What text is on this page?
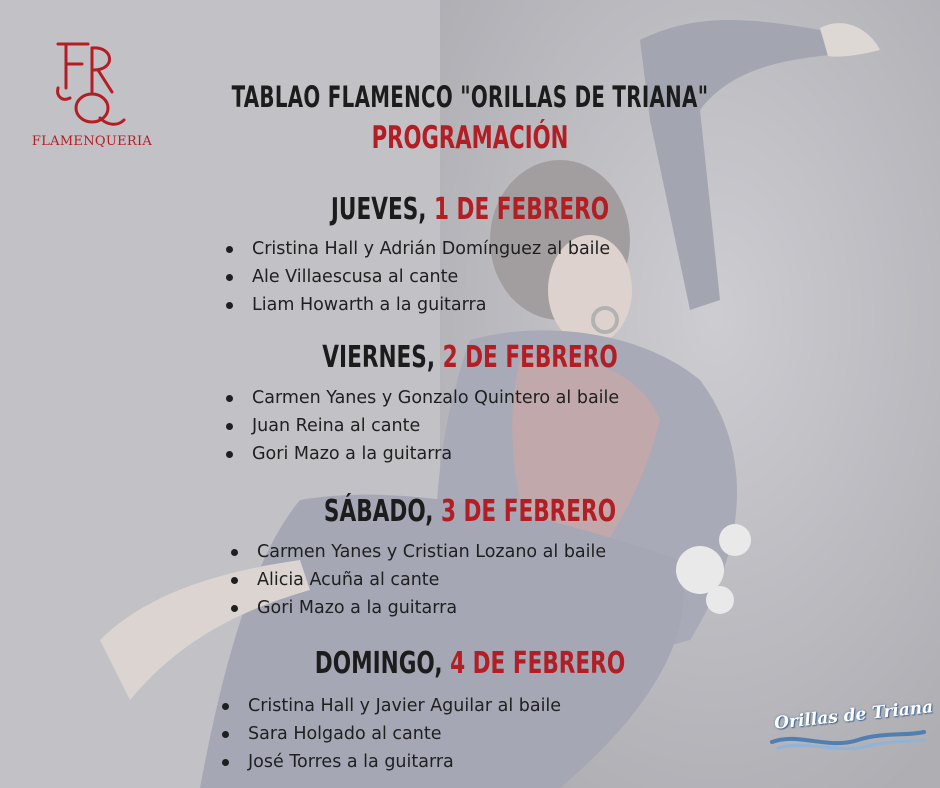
FLAMENQUERIA
TABLAO FLAMENCO "ORILLAS DE TRIANA"
PROGRAMACIÓN
JUEVES, 1 DE FEBRERO
Cristina Hall y Adrián Domínguez al baile
Ale Villaescusa al cante
Liam Howarth a la guitarra
VIERNES, 2 DE FEBRERO
Carmen Yanes y Gonzalo Quintero al baile
Juan Reina al cante
Gori Mazo a la guitarra
SÁBADO, 3 DE FEBRERO
Carmen Yanes y Cristian Lozano al baile
Alicia Acuña al cante
Gori Mazo a la guitarra
DOMINGO, 4 DE FEBRERO
Cristina Hall y Javier Aguilar al baile
Sara Holgado al cante
José Torres a la guitarra
Orillas de Triana
